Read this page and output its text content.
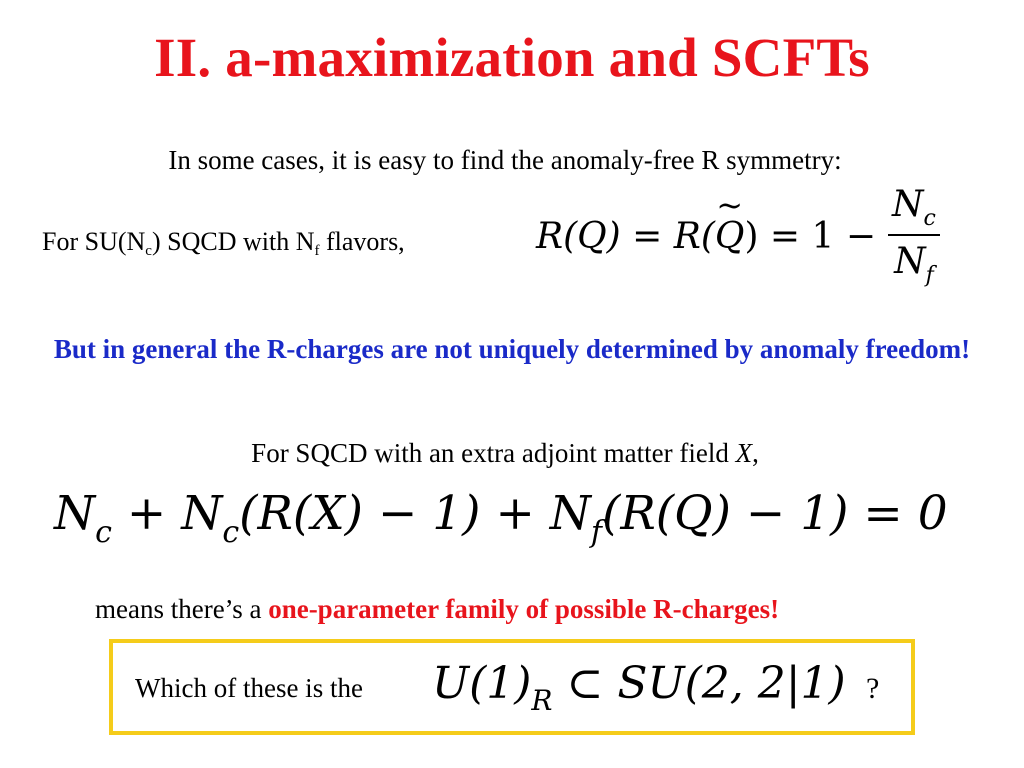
II. a-maximization and SCFTs
In some cases, it is easy to find the anomaly-free R symmetry:
For $SU(N_c)$ SQCD with $N_f$ flavors,	R(Q) = R(
~ Q ) = $1 - \frac{N_c}{N_f}$
But in general the R-charges are not uniquely determined by anomaly freedom!
For SQCD with an extra adjoint matter field X,
$N_c + N_c(R(X) - 1) + N_f(R(Q) - 1) = 0$
means there’s a one-parameter family of possible R-charges!
Which of these is the $U(1)_R$ ⊂ SU(2, 2|1) ?
